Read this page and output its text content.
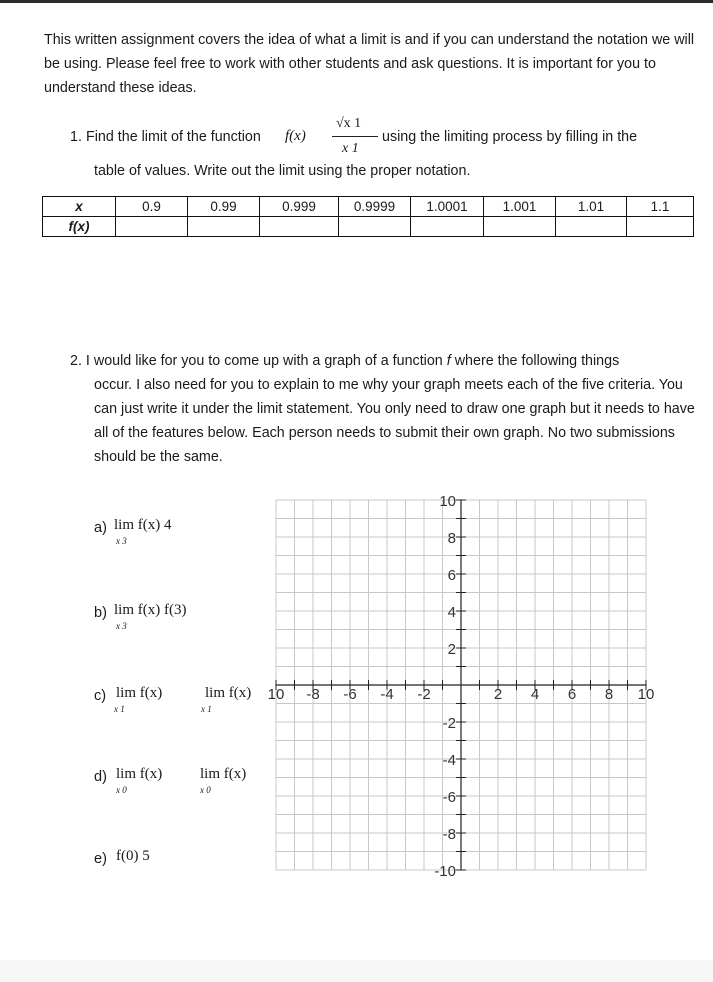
This written assignment covers the idea of what a limit is and if you can understand the notation we will be using. Please feel free to work with other students and ask questions. It is important for you to understand these ideas.
1. Find the limit of the function f(x)
√x 1
x 1
using the limiting process by filling in the
table of values. Write out the limit using the proper notation.
x	0.9	0.99	0.999	0.9999	1.0001	1.001	1.01	1.1
f(x)								
2. I would like for you to come up with a graph of a function f where the following things
occur. I also need for you to explain to me why your graph meets each of the five criteria. You can just write it under the limit statement. You only need to draw one graph but it needs to have all of the features below. Each person needs to submit their own graph. No two submissions should be the same.
a) lim f(x) 4
x 3
b) lim f(x) f(3)
x 3
c) lim f(x)
x 1
lim f(x)
x 1
d) lim f(x)
x 0
lim f(x)
x 0
e) f(0) 5
10 -8 -6 -4 -2	2 4 6 8 10
10
8
6
4
2
-2
-4
-6
-8
-10
